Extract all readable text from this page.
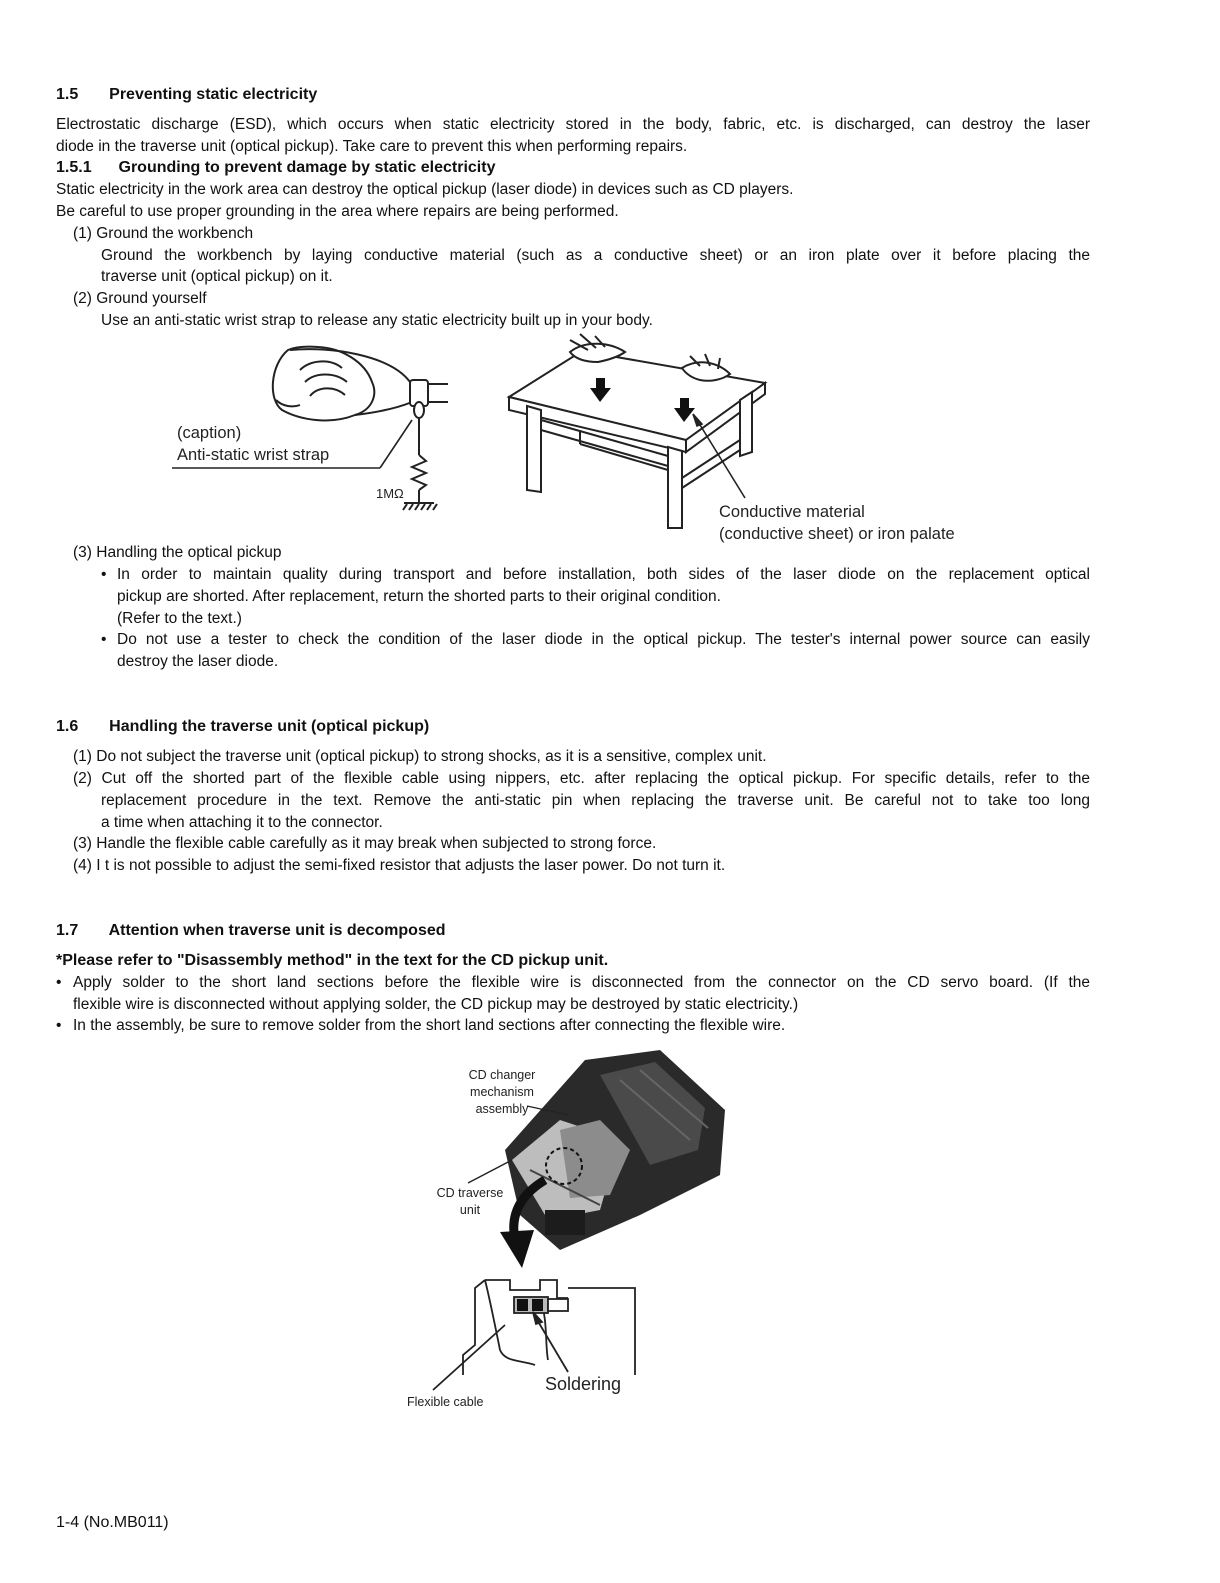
1.5 Preventing static electricity
Electrostatic discharge (ESD), which occurs when static electricity stored in the body, fabric, etc. is discharged, can destroy the laser
diode in the traverse unit (optical pickup). Take care to prevent this when performing repairs.
1.5.1 Grounding to prevent damage by static electricity
Static electricity in the work area can destroy the optical pickup (laser diode) in devices such as CD players.
Be careful to use proper grounding in the area where repairs are being performed.
(1) Ground the workbench
Ground the workbench by laying conductive material (such as a conductive sheet) or an iron plate over it before placing the
traverse unit (optical pickup) on it.
(2) Ground yourself
Use an anti-static wrist strap to release any static electricity built up in your body.
(caption)
Anti-static wrist strap
1MΩ
Conductive material
(conductive sheet) or iron palate
(3) Handling the optical pickup
• In order to maintain quality during transport and before installation, both sides of the laser diode on the replacement optical
pickup are shorted. After replacement, return the shorted parts to their original condition.
(Refer to the text.)
• Do not use a tester to check the condition of the laser diode in the optical pickup. The tester's internal power source can easily
destroy the laser diode.
1.6 Handling the traverse unit (optical pickup)
(1) Do not subject the traverse unit (optical pickup) to strong shocks, as it is a sensitive, complex unit.
(2) Cut off the shorted part of the flexible cable using nippers, etc. after replacing the optical pickup. For specific details, refer to the
replacement procedure in the text. Remove the anti-static pin when replacing the traverse unit. Be careful not to take too long
a time when attaching it to the connector.
(3) Handle the flexible cable carefully as it may break when subjected to strong force.
(4) I t is not possible to adjust the semi-fixed resistor that adjusts the laser power. Do not turn it.
1.7 Attention when traverse unit is decomposed
*Please refer to "Disassembly method" in the text for the CD pickup unit.
• Apply solder to the short land sections before the flexible wire is disconnected from the connector on the CD servo board. (If the
flexible wire is disconnected without applying solder, the CD pickup may be destroyed by static electricity.)
• In the assembly, be sure to remove solder from the short land sections after connecting the flexible wire.
CD changer
mechanism
assembly
CD traverse
unit
Soldering
Flexible cable
1-4 (No.MB011)
